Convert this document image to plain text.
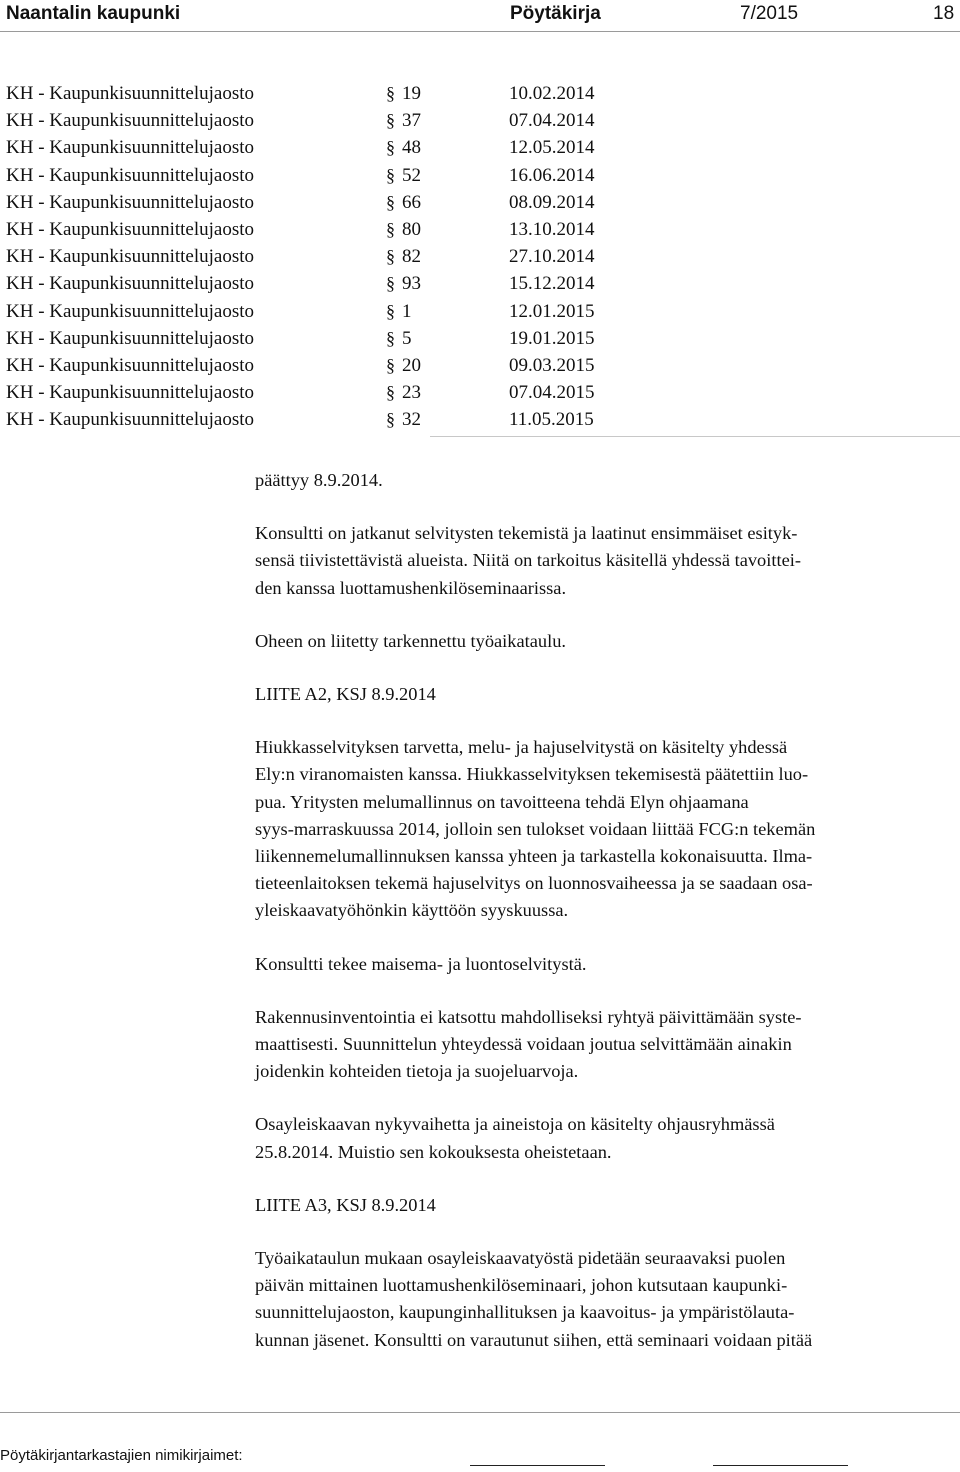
Naantalin kaupunki	Pöytäkirja	7/2015	18
KH - Kaupunkisuunnittelujaosto	§ 19	10.02.2014
KH - Kaupunkisuunnittelujaosto	§ 37	07.04.2014
KH - Kaupunkisuunnittelujaosto	§ 48	12.05.2014
KH - Kaupunkisuunnittelujaosto	§ 52	16.06.2014
KH - Kaupunkisuunnittelujaosto	§ 66	08.09.2014
KH - Kaupunkisuunnittelujaosto	§ 80	13.10.2014
KH - Kaupunkisuunnittelujaosto	§ 82	27.10.2014
KH - Kaupunkisuunnittelujaosto	§ 93	15.12.2014
KH - Kaupunkisuunnittelujaosto	§ 1	12.01.2015
KH - Kaupunkisuunnittelujaosto	§ 5	19.01.2015
KH - Kaupunkisuunnittelujaosto	§ 20	09.03.2015
KH - Kaupunkisuunnittelujaosto	§ 23	07.04.2015
KH - Kaupunkisuunnittelujaosto	§ 32	11.05.2015

päättyy 8.9.2014.

Konsultti on jatkanut selvitysten tekemistä ja laatinut ensimmäiset esityk-

sensä tiivistettävistä alueista. Niitä on tarkoitus käsitellä yhdessä tavoittei-

den kanssa luottamushenkilöseminaarissa.

Oheen on liitetty tarkennettu työaikataulu.

LIITE A2, KSJ 8.9.2014

Hiukkasselvityksen tarvetta, melu- ja hajuselvitystä on käsitelty yhdessä

Ely:n viranomaisten kanssa. Hiukkasselvityksen tekemisestä päätettiin luo-

pua. Yritysten melumallinnus on tavoitteena tehdä Elyn ohjaamana

syys-marraskuussa 2014, jolloin sen tulokset voidaan liittää FCG:n tekemän

liikennemelumallinnuksen kanssa yhteen ja tarkastella kokonaisuutta. Ilma-

tieteenlaitoksen tekemä hajuselvitys on luonnosvaiheessa ja se saadaan osa-

yleiskaavatyöhönkin käyttöön syyskuussa.

Konsultti tekee maisema- ja luontoselvitystä.

Rakennusinventointia ei katsottu mahdolliseksi ryhtyä päivittämään syste-

maattisesti. Suunnittelun yhteydessä voidaan joutua selvittämään ainakin

joidenkin kohteiden tietoja ja suojeluarvoja.

Osayleiskaavan nykyvaihetta ja aineistoja on käsitelty ohjausryhmässä

25.8.2014. Muistio sen kokouksesta oheistetaan.

LIITE A3, KSJ 8.9.2014

Työaikataulun mukaan osayleiskaavatyöstä pidetään seuraavaksi puolen

päivän mittainen luottamushenkilöseminaari, johon kutsutaan kaupunki-

suunnittelujaoston, kaupunginhallituksen ja kaavoitus- ja ympäristölauta-

kunnan jäsenet. Konsultti on varautunut siihen, että seminaari voidaan pitää

Pöytäkirjantarkastajien nimikirjaimet:
